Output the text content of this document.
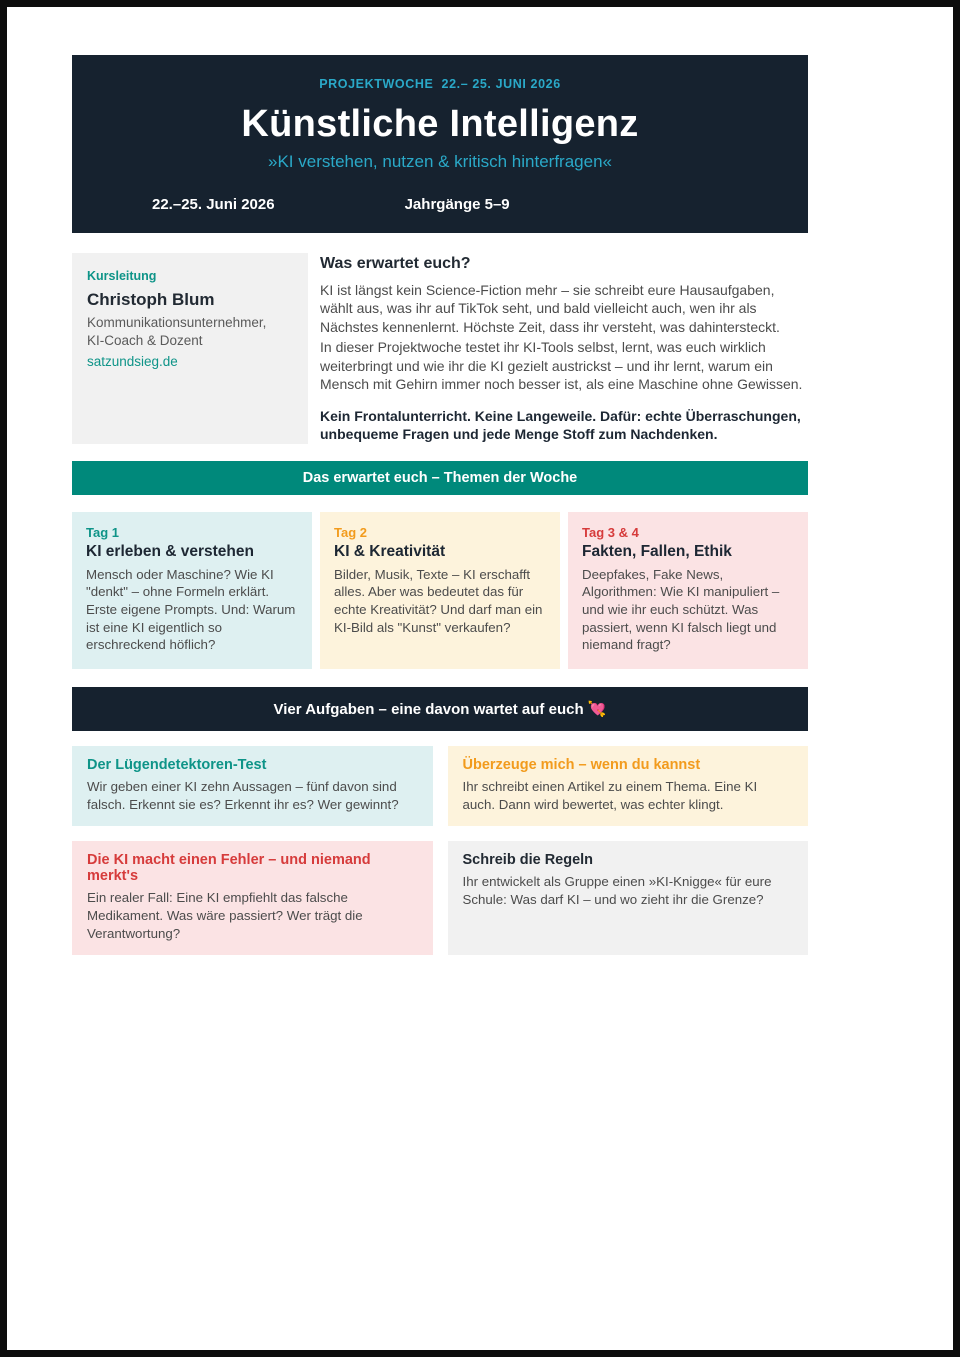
PROJEKTWOCHE  22.– 25. JUNI 2026
Künstliche Intelligenz
»KI verstehen, nutzen & kritisch hinterfragen«
22.–25. Juni 2026	Jahrgänge 5–9
Kursleitung
Christoph Blum
Kommunikationsunternehmer,
KI-Coach & Dozent
satzundsieg.de
Was erwartet euch?
KI ist längst kein Science-Fiction mehr – sie schreibt eure Hausaufgaben, wählt aus, was ihr auf TikTok seht, und bald vielleicht auch, wen ihr als Nächstes kennenlernt. Höchste Zeit, dass ihr versteht, was dahintersteckt.
In dieser Projektwoche testet ihr KI-Tools selbst, lernt, was euch wirklich weiterbringt und wie ihr die KI gezielt austrickst – und ihr lernt, warum ein Mensch mit Gehirn immer noch besser ist, als eine Maschine ohne Gewissen.
Kein Frontalunterricht. Keine Langeweile. Dafür: echte Überraschungen, unbequeme Fragen und jede Menge Stoff zum Nachdenken.
Das erwartet euch – Themen der Woche
Tag 1
KI erleben & verstehen
Mensch oder Maschine? Wie KI "denkt" – ohne Formeln erklärt. Erste eigene Prompts. Und: Warum ist eine KI eigentlich so erschreckend höflich?
Tag 2
KI & Kreativität
Bilder, Musik, Texte – KI erschafft alles. Aber was bedeutet das für echte Kreativität? Und darf man ein KI-Bild als "Kunst" verkaufen?
Tag 3 & 4
Fakten, Fallen, Ethik
Deepfakes, Fake News, Algorithmen: Wie KI manipuliert – und wie ihr euch schützt. Was passiert, wenn KI falsch liegt und niemand fragt?
Vier Aufgaben – eine davon wartet auf euch 💘
Der Lügendetektoren-Test
Wir geben einer KI zehn Aussagen – fünf davon sind falsch. Erkennt sie es? Erkennt ihr es? Wer gewinnt?
Überzeuge mich – wenn du kannst
Ihr schreibt einen Artikel zu einem Thema. Eine KI auch. Dann wird bewertet, was echter klingt.
Die KI macht einen Fehler – und niemand merkt's
Ein realer Fall: Eine KI empfiehlt das falsche Medikament. Was wäre passiert? Wer trägt die Verantwortung?
Schreib die Regeln
Ihr entwickelt als Gruppe einen »KI-Knigge« für eure Schule: Was darf KI – und wo zieht ihr die Grenze?
